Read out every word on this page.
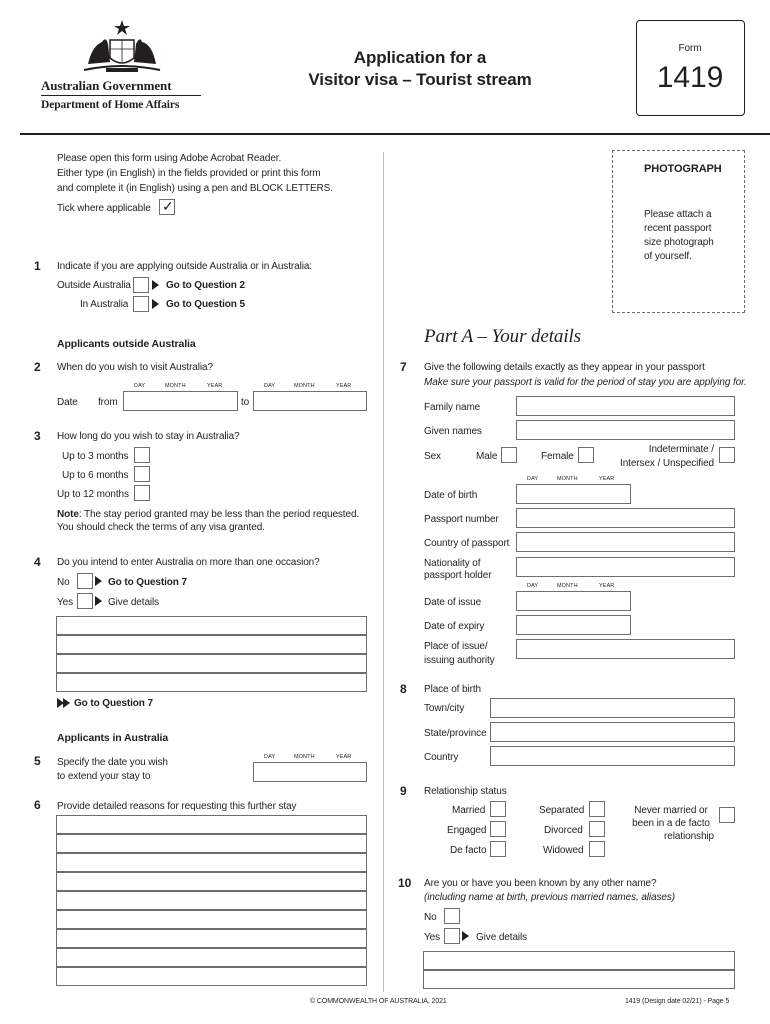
Australian Government
Department of Home Affairs
Application for a
Visitor visa – Tourist stream
Form
1419
Please open this form using Adobe Acrobat Reader.
Either type (in English) in the fields provided or print this form
and complete it (in English) using a pen and BLOCK LETTERS.
Tick where applicable ✓
PHOTOGRAPH
Please attach a
recent passport
size photograph
of yourself.
1 Indicate if you are applying outside Australia or in Australia:
Outside Australia	Go to Question 2
In Australia	Go to Question 5
Applicants outside Australia
2 When do you wish to visit Australia?
DAY	MONTH	YEAR	DAY	MONTH	YEAR
Date from	to
3 How long do you wish to stay in Australia?
Up to 3 months
Up to 6 months
Up to 12 months
Note: The stay period granted may be less than the period requested.
You should check the terms of any visa granted.
4 Do you intend to enter Australia on more than one occasion?
No	Go to Question 7
Yes	Give details
Go to Question 7
Applicants in Australia
5 Specify the date you wish
to extend your stay to
DAY	MONTH	YEAR
6 Provide detailed reasons for requesting this further stay
Part A – Your details
7 Give the following details exactly as they appear in your passport
Make sure your passport is valid for the period of stay you are applying for.
Family name
Given names
Sex	Male	Female
Indeterminate /
Intersex / Unspecified
DAY	MONTH	YEAR
Date of birth
Passport number
Country of passport
Nationality of
passport holder
DAY	MONTH	YEAR
Date of issue
Date of expiry
Place of issue/
issuing authority
8 Place of birth
Town/city
State/province
Country
9 Relationship status
Married
Engaged
De facto
Separated
Divorced
Widowed
Never married or
been in a de facto
relationship
10 Are you or have you been known by any other name?
(including name at birth, previous married names, aliases)
No
Yes	Give details
© COMMONWEALTH OF AUSTRALIA, 2021	1419 (Design date 02/21) - Page 5
